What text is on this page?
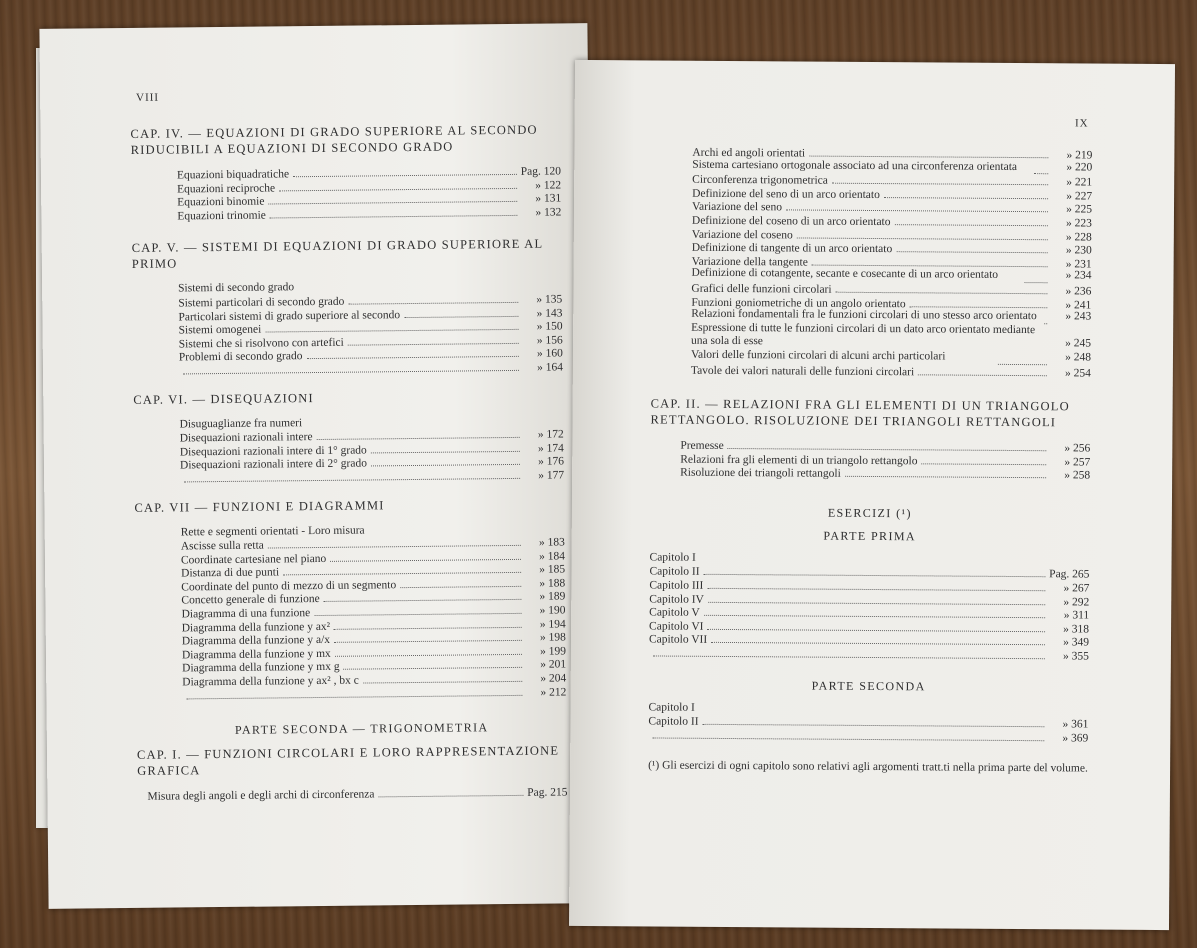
VIII
CAP. IV. — EQUAZIONI DI GRADO SUPERIORE AL SECONDO RIDUCIBILI A EQUAZIONI DI SECONDO GRADO
Equazioni biquadratiche	Pag. 120
Equazioni reciproche	» 122
Equazioni binomie	» 131
Equazioni trinomie	» 132
CAP. V. — SISTEMI DI EQUAZIONI DI GRADO SUPERIORE AL PRIMO
Sistemi di secondo grado
Sistemi particolari di secondo grado	» 135
Particolari sistemi di grado superiore al secondo	» 143
Sistemi omogenei	» 150
Sistemi che si risolvono con artefici	» 156
Problemi di secondo grado	» 160
» 164
CAP. VI. — DISEQUAZIONI
Disuguaglianze fra numeri
Disequazioni razionali intere	» 172
Disequazioni razionali intere di 1° grado	» 174
Disequazioni razionali intere di 2° grado	» 176
» 177
CAP. VII — FUNZIONI E DIAGRAMMI
Rette e segmenti orientati - Loro misura
Ascisse sulla retta	» 183
Coordinate cartesiane nel piano	» 184
Distanza di due punti	» 185
Coordinate del punto di mezzo di un segmento	» 188
Concetto generale di funzione	» 189
Diagramma di una funzione	» 190
Diagramma della funzione y ax²	» 194
Diagramma della funzione y a/x	» 198
Diagramma della funzione y mx	» 199
Diagramma della funzione y mx g	» 201
Diagramma della funzione y ax² , bx c	» 204
» 212
PARTE SECONDA — TRIGONOMETRIA
CAP. I. — FUNZIONI CIRCOLARI E LORO RAPPRESENTAZIONE GRAFICA
Misura degli angoli e degli archi di circonferenza	Pag. 215
IX
Archi ed angoli orientati	» 219
Sistema cartesiano ortogonale associato ad una circonferenza orientata	» 220
Circonferenza trigonometrica	» 221
Definizione del seno di un arco orientato	» 227
Variazione del seno	» 225
Definizione del coseno di un arco orientato	» 223
Variazione del coseno	» 228
Definizione di tangente di un arco orientato	» 230
Variazione della tangente	» 231
Definizione di cotangente, secante e cosecante di un arco orientato	» 234
Grafici delle funzioni circolari	» 236
Funzioni goniometriche di un angolo orientato	» 241
Relazioni fondamentali fra le funzioni circolari di uno stesso arco orientato	» 243
Espressione di tutte le funzioni circolari di un dato arco orientato mediante una sola di esse	» 245
Valori delle funzioni circolari di alcuni archi particolari	» 248
Tavole dei valori naturali delle funzioni circolari	» 254
CAP. II. — RELAZIONI FRA GLI ELEMENTI DI UN TRIANGOLO RETTANGOLO. RISOLUZIONE DEI TRIANGOLI RETTANGOLI
Premesse	» 256
Relazioni fra gli elementi di un triangolo rettangolo	» 257
Risoluzione dei triangoli rettangoli	» 258
ESERCIZI (¹)
PARTE PRIMA
Capitolo I
Capitolo II	Pag. 265
Capitolo III	» 267
Capitolo IV	» 292
Capitolo V	» 311
Capitolo VI	» 318
Capitolo VII	» 349
» 355
PARTE SECONDA
Capitolo I
Capitolo II	» 361
» 369
(¹) Gli esercizi di ogni capitolo sono relativi agli argomenti tratt.ti nella prima parte del volume.
